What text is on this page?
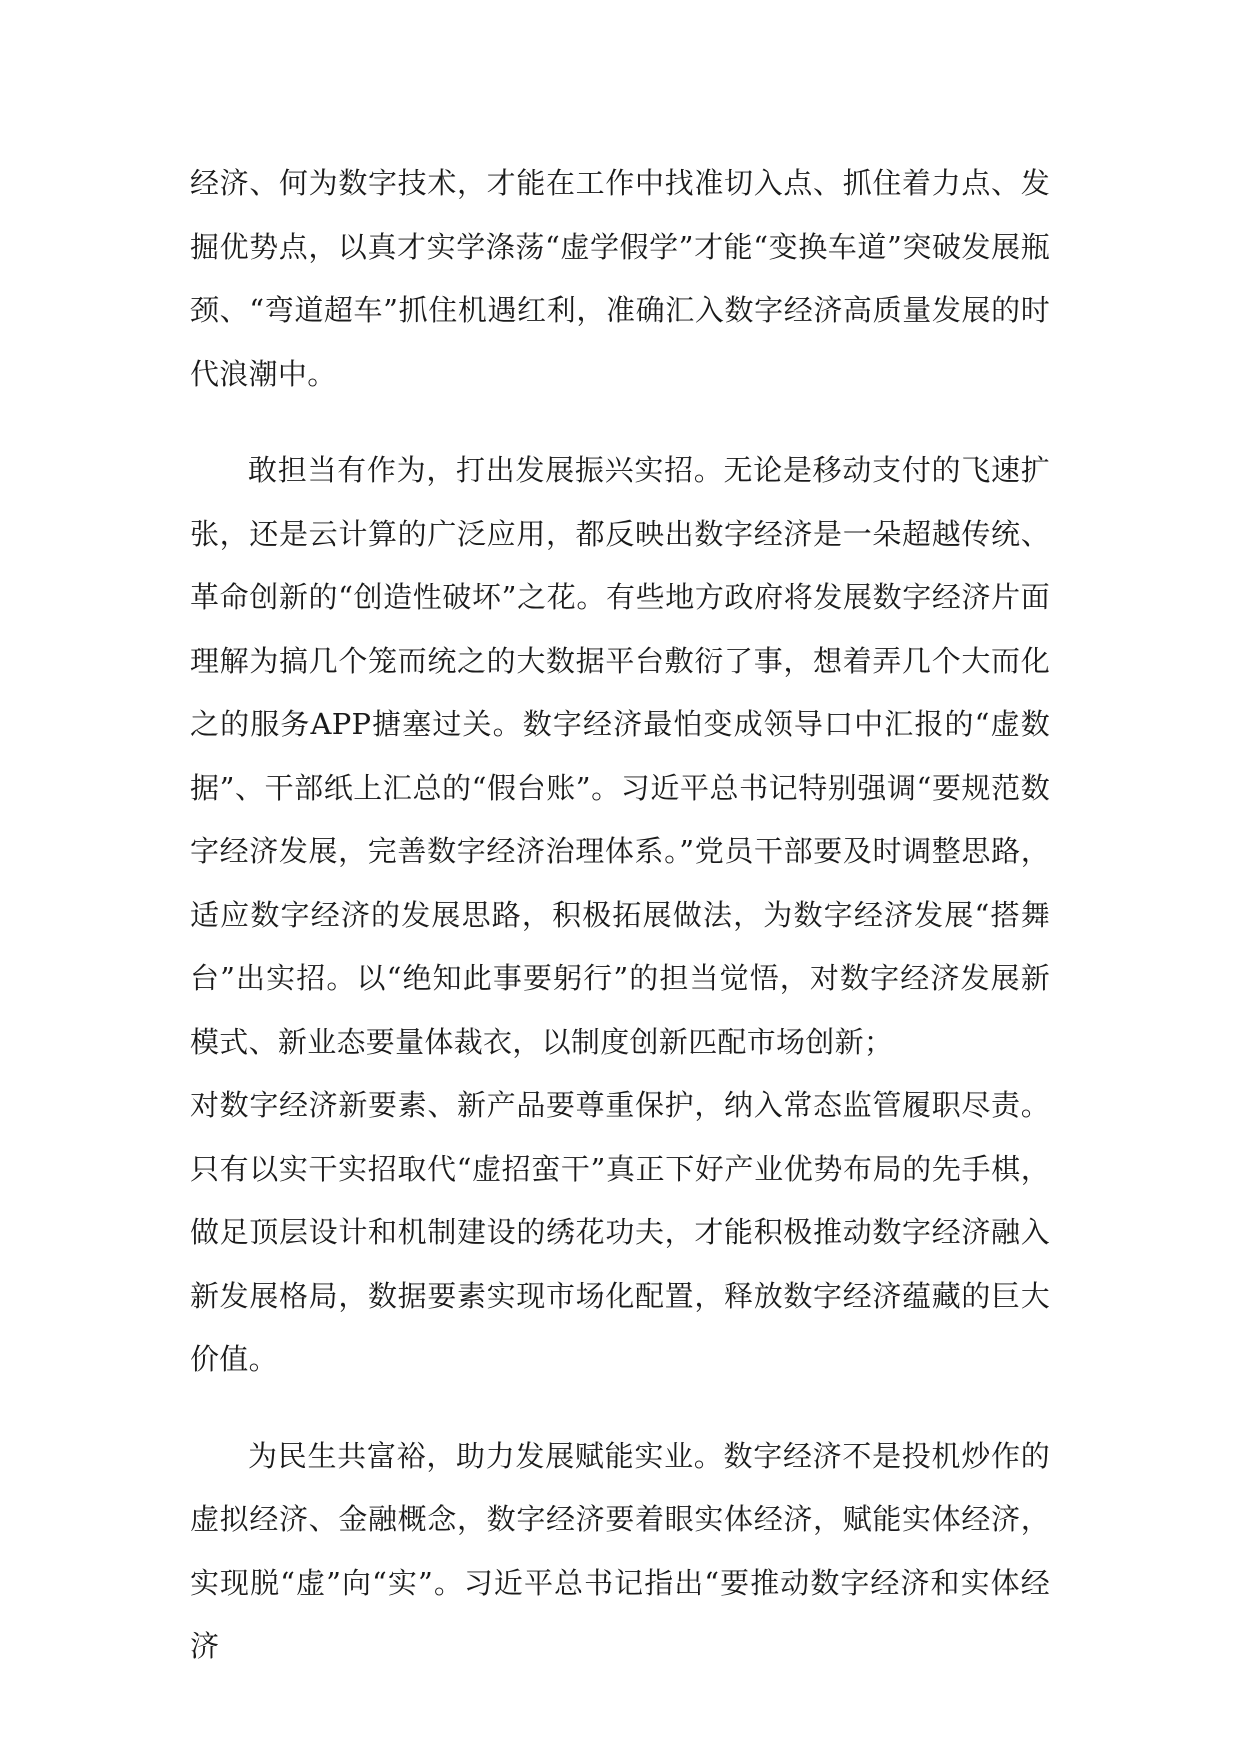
经济、何为数字技术，才能在工作中找准切入点、抓住着力点、发掘优势点，以真才实学涤荡“虚学假学”才能“变换车道”突破发展瓶颈、“弯道超车”抓住机遇红利，准确汇入数字经济高质量发展的时代浪潮中。

敢担当有作为，打出发展振兴实招。无论是移动支付的飞速扩张，还是云计算的广泛应用，都反映出数字经济是一朵超越传统、革命创新的“创造性破坏”之花。有些地方政府将发展数字经济片面理解为搞几个笼而统之的大数据平台敷衍了事，想着弄几个大而化之的服务APP搪塞过关。数字经济最怕变成领导口中汇报的“虚数据”、干部纸上汇总的“假台账”。习近平总书记特别强调“要规范数字经济发展，完善数字经济治理体系。”党员干部要及时调整思路，适应数字经济的发展思路，积极拓展做法，为数字经济发展“搭舞台”出实招。以“绝知此事要躬行”的担当觉悟，对数字经济发展新模式、新业态要量体裁衣，以制度创新匹配市场创新；

对数字经济新要素、新产品要尊重保护，纳入常态监管履职尽责。只有以实干实招取代“虚招蛮干”真正下好产业优势布局的先手棋，做足顶层设计和机制建设的绣花功夫，才能积极推动数字经济融入新发展格局，数据要素实现市场化配置，释放数字经济蕴藏的巨大价值。

为民生共富裕，助力发展赋能实业。数字经济不是投机炒作的虚拟经济、金融概念，数字经济要着眼实体经济，赋能实体经济，实现脱“虚”向“实”。习近平总书记指出“要推动数字经济和实体经济
